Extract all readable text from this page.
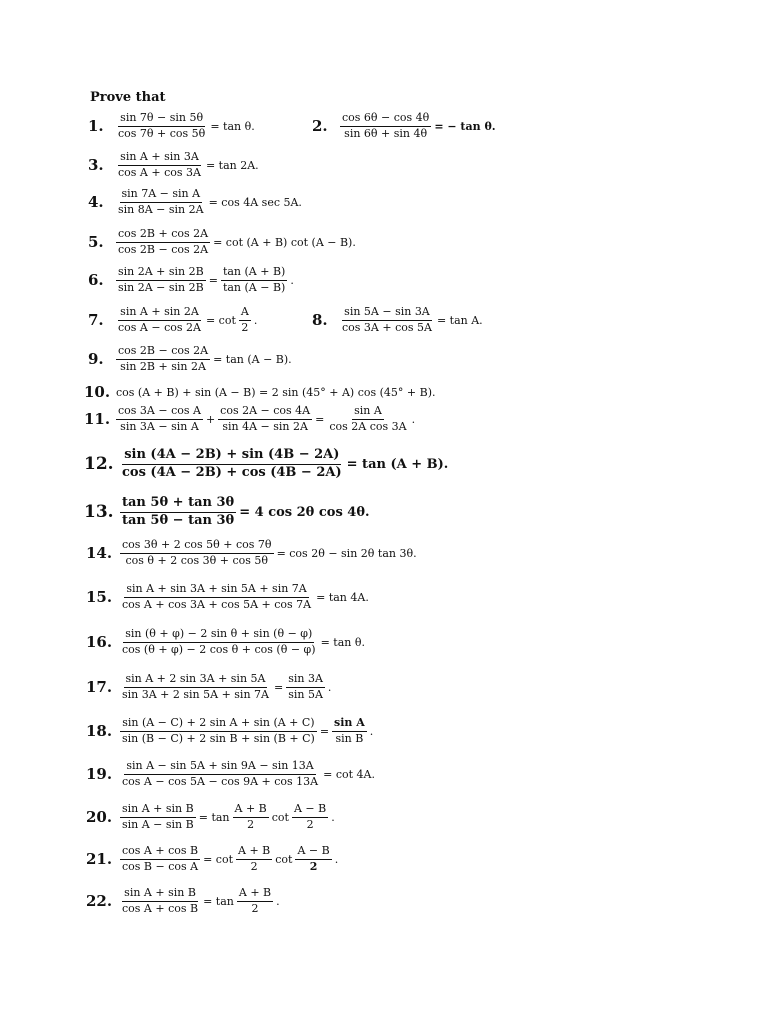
Prove that
1.	$\frac{\sin 7\theta - \sin 5\theta}{\cos 7\theta + \cos 5\theta} = \tan \theta$.	2.	$\frac{\cos 6\theta - \cos 4\theta}{\sin 6\theta + \sin 4\theta}$ = − tan θ.
3.	$\frac{\text{sin A + sin 3A}}{\text{cos A + cos 3A}} = \tan 2A$.
4.	$\frac{\text{sin 7A − sin A}}{\sin 8A - \sin 2A} = \cos 4A$ sec 5A.
5.	$\frac{\cos 2B + \cos 2A}{\cos 2B - \cos 2A} = \cot (A + B)$ cot (A − B).
6.	$\frac{\sin 2A + \sin 2B}{\sin 2A - \sin 2B} = \frac{\tan (A + B)}{\tan (A - B)}$ .
7.	$\frac{\text{sin A + sin 2A}}{\text{cos A − cos 2A}} = \cot \frac{A}{2}$ .	8.	$\frac{\sin 5A - \sin 3A}{\cos 3A + \cos 5A} = \tan A$.
9.	$\frac{\cos 2B - \cos 2A}{\sin 2B + \sin 2A} = \tan (A - B)$.
10. cos (A + B) + sin (A − B) = 2 sin (45° + A) cos (45° + B).
11. $\frac{\text{cos 3A − cos A}}{\text{sin 3A − sin A}} + \frac{\cos 2A - \cos 4A}{\sin 4A - \sin 2A} = \frac{\text{sin A}}{\text{cos 2A cos 3A}}$ .
12. $\frac{\sin (4A - 2B) + \sin (4B - 2A)}{\cos (4A - 2B) + \cos (4B - 2A)} = \tan (A + B)$.
13. $\frac{\tan 5\theta + \tan 3\theta}{\tan 5\theta - \tan 3\theta} = 4$ cos 2θ cos 4θ.
14. $\frac{\cos 3\theta + 2 \cos 5\theta + \cos 7\theta}{\text{cos θ + 2 cos 3θ + cos 5θ}} = \cos 2\theta - \sin 2\theta$ tan 3θ.
15. $\frac{\text{sin A + sin 3A + sin 5A + sin 7A}}{\text{cos A + cos 3A + cos 5A + cos 7A}} = \tan 4A$.
16. $\frac{\text{sin (θ + φ) − 2 sin θ + sin (θ − φ)}}{\text{cos (θ + φ) − 2 cos θ + cos (θ − φ)}} = \tan \theta$.
17. $\frac{\text{sin A + 2 sin 3A + sin 5A}}{\sin 3A + 2 \sin 5A + \sin 7A} = \frac{\sin 3A}{\sin 5A}$ .
18. $\frac{\text{sin (A − C) + 2 sin A + sin (A + C)}}{\text{sin (B − C) + 2 sin B + sin (B + C)}} = \frac{\text{sin A}}{\text{sin B}}$ .
19. $\frac{\text{sin A − sin 5A + sin 9A − sin 13A}}{\text{cos A − cos 5A − cos 9A + cos 13A}} = \cot 4A$.
20. $\frac{\text{sin A + sin B}}{\text{sin A − sin B}} = \tan \frac{A + B}{2}$ $\cot \frac{A - B}{2}$ .
21. $\frac{\text{cos A + cos B}}{\text{cos B − cos A}} = \cot \frac{A + B}{2}$ $\cot \frac{A - B}{2}$ .
22. $\frac{\text{sin A + sin B}}{\text{cos A + cos B}} = \tan \frac{A + B}{2}$ .
